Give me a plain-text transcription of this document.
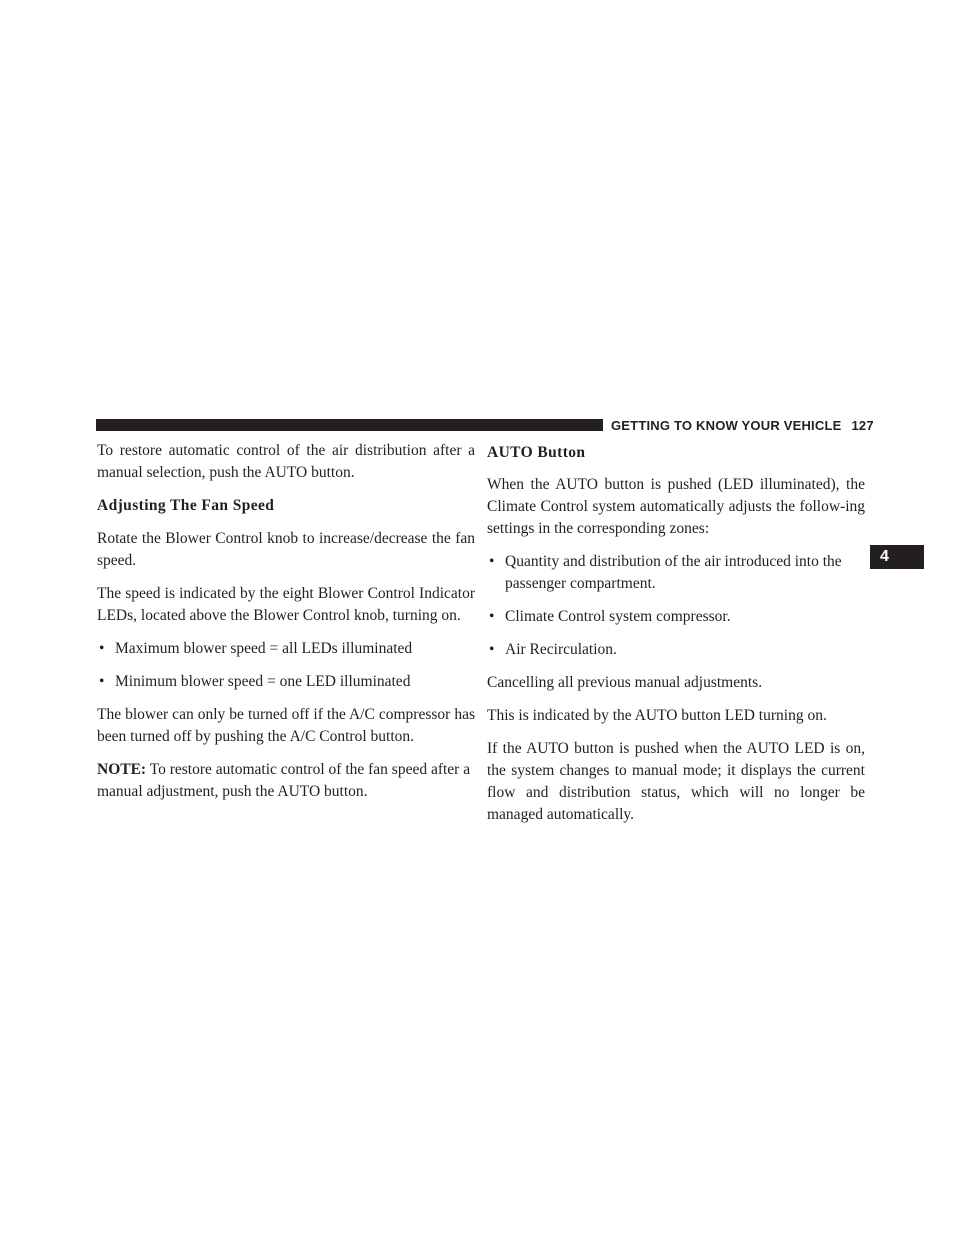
GETTING TO KNOW YOUR VEHICLE 127
4

To restore automatic control of the air distribution after a manual selection, push the AUTO button.

Adjusting The Fan Speed

Rotate the Blower Control knob to increase/decrease the fan speed.

The speed is indicated by the eight Blower Control Indicator LEDs, located above the Blower Control knob, turning on.

• Maximum blower speed = all LEDs illuminated
• Minimum blower speed = one LED illuminated

The blower can only be turned off if the A/C compressor has been turned off by pushing the A/C Control button.

NOTE: To restore automatic control of the fan speed after a manual adjustment, push the AUTO button.

AUTO Button

When the AUTO button is pushed (LED illuminated), the Climate Control system automatically adjusts the follow-ing settings in the corresponding zones:

• Quantity and distribution of the air introduced into the passenger compartment.
• Climate Control system compressor.
• Air Recirculation.

Cancelling all previous manual adjustments.

This is indicated by the AUTO button LED turning on.

If the AUTO button is pushed when the AUTO LED is on, the system changes to manual mode; it displays the current flow and distribution status, which will no longer be managed automatically.
